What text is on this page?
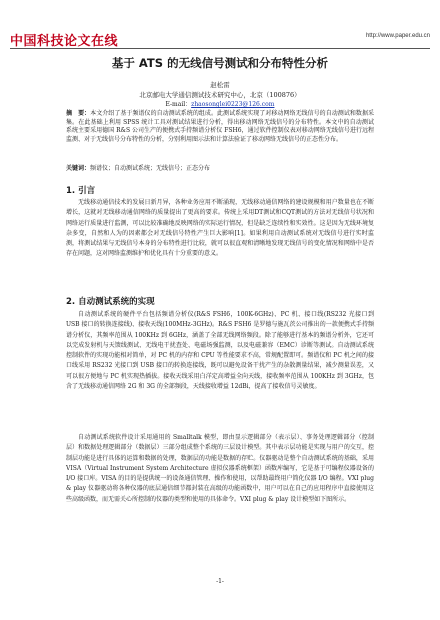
中国科技论文在线	http://www.paper.edu.cn
基于 ATS 的无线信号测试和分布特性分析
赵松雷
北京邮电大学通信测试技术研究中心，北京（100876）
E-mail：zhaosonglei0223@126.com
摘　要：本文介绍了基于频谱仪的自动测试系统的组成。此测试系统实现了对移动网络无线信号的自动测试和数据采集。在此基础上利用 SPSS 统计工具对测试结果进行分析，得出移动网络无线信号的分布特性。本文中的自动测试系统主要采用德国 R&S 公司生产的便携式手持频谱分析仪 FSH6，通过软件控制仪表对移动网络无线信号进行远程监测、对于无线信号分布特性的分析，分别利用图示法和计算法验证了移动网络无线信号的正态性分布。
关键词：频谱仪；自动测试系统；无线信号；正态分布
1. 引言
无线移动通信技术的发展日新月异，各种业务应用不断涌现，无线移动通信网络的建设规模和用户数量也在不断增长，这就对无线移动通信网络的质量提出了更高的要求。传统上采用DT测试和CQT测试的方法对无线信号状况和网络运行质量进行监测，可以比较准确地反映网络的实际运行情况，但是缺乏连续性和实效性。这是因为无线环境复杂多变，自然和人为的因素都会对无线信号特性产生巨大影响[1]。如果利用自动测试系统对无线信号进行实时监测，将测试结果与无线信号本身的分布特性进行比较，就可以很直观和清晰地发现无线信号的变化情况和网络中是否存在问题，这对网络监测维护和优化具有十分重要的意义。
2. 自动测试系统的实现
自动测试系统的硬件平台包括频谱分析仪(R&S FSH6，100K-6GHz)、PC 机、接口线(RS232 光接口到 USB 接口的转换连接线)、接收天线(100MHz-3GHz)。R&S FSH6 是罗德与施瓦茨公司推出的一款便携式手持频谱分析仪，其频率范围从 100KHz 到 6GHz，涵盖了全部无线网络频段。除了能够进行基本的频谱分析外，它还可以完成发射机与天馈线测试、无线电干扰查处、电磁场强监测，以及电磁兼容（EMC）诊断等测试。自动测试系统控制软件的实现功能相对简单，对 PC 机的内存和 CPU 等性能要求不高，常规配置即可。频谱仪和 PC 机之间的接口线采用 RS232 光接口到 USB 接口的转换连接线，既可以避免设备干扰产生的杂散测量结果，减少测量误差，又可以很方便地与 PC 机实现热插拔。接收天线采用白洋定高增益全向天线，接收频率范围从 100KHz 到 3GHz，包含了无线移动通信网络 2G 和 3G 的全部频段，天线接收增益 12dBi，提高了接收信号灵敏度。
自动测试系统软件设计采用通用的 Smalltalk 模型，即由显示逻辑部分（表示层）、事务处理逻辑部分（控制层）和数据处理逻辑部分（数据层）三部分组成整个系统的三层设计模型。其中表示层功能是实现与用户的交互，控制层功能是进行具体的运算和数据的处理，数据层的功能是数据的存贮。仪器驱动是整个自动测试系统的基础，采用 VISA（Virtual Instrument System Architecture 虚拟仪器系统框架）函数库编写，它是基于可编程仪器设备的 I/O 接口库。VISA 的目的是提供统一的设备通信管理、操作和使用，以帮助最终用户简化仪器 I/O 编程。VXI plug & play 仪器驱动将各种仪器的底层通信细节都封装在高级的功能函数中，用户可以在自己的应用程序中直接使用这些高级函数，而无需关心所控制的仪器的类型和使用的具体命令。VXI plug & play 设计模型如下图所示。
-1-
